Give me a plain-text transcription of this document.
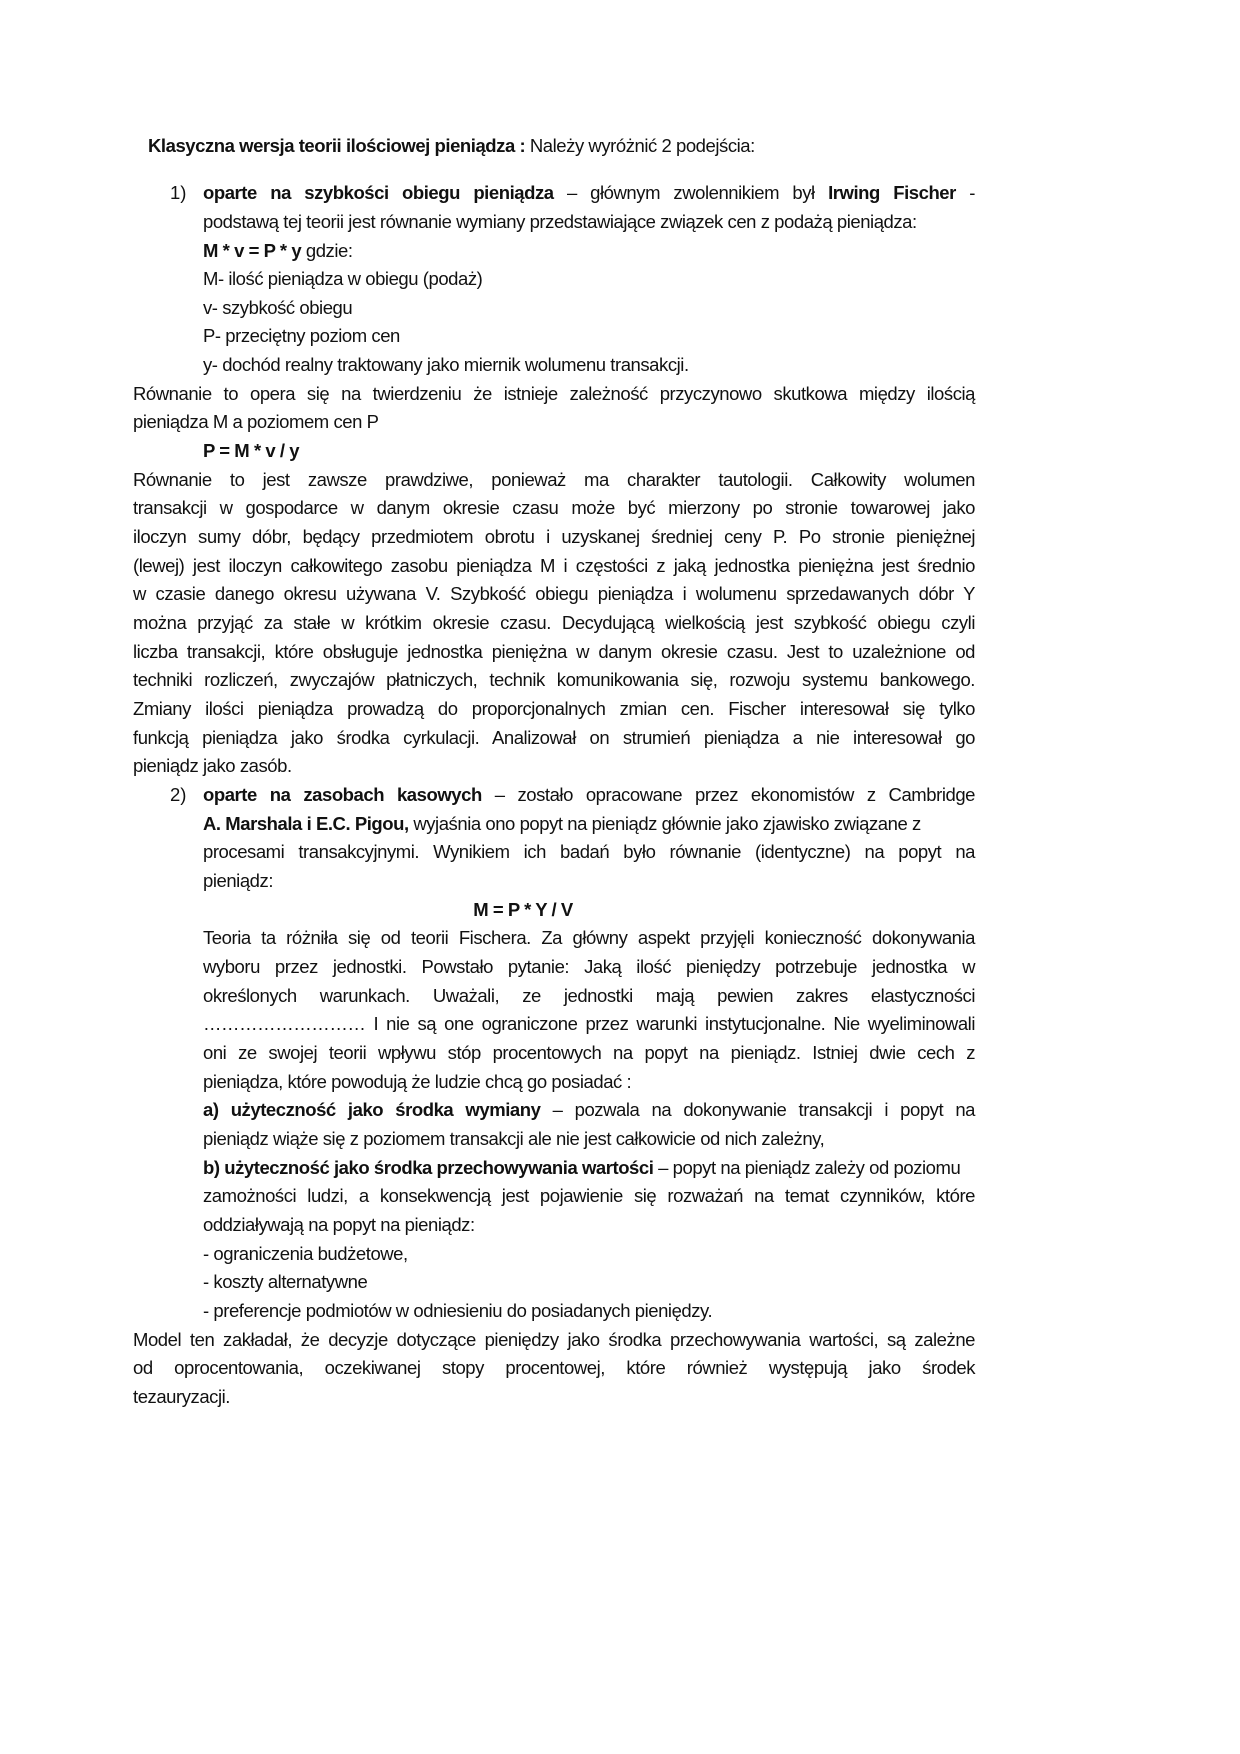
Klasyczna wersja teorii ilościowej pieniądza : Należy wyróżnić 2 podejścia:
1) oparte na szybkości obiegu pieniądza – głównym zwolennikiem był Irwing Fischer -
podstawą tej teorii jest równanie wymiany przedstawiające związek cen z podażą pieniądza:
M * v = P * y gdzie:
M- ilość pieniądza w obiegu (podaż)
v- szybkość obiegu
P- przeciętny poziom cen
y- dochód realny traktowany jako miernik wolumenu transakcji.
Równanie to opera się na twierdzeniu że istnieje zależność przyczynowo skutkowa między ilością
pieniądza M a poziomem cen P
P = M * v / y
Równanie to jest zawsze prawdziwe, ponieważ ma charakter tautologii. Całkowity wolumen
transakcji w gospodarce w danym okresie czasu może być mierzony po stronie towarowej jako
iloczyn sumy dóbr, będący przedmiotem obrotu i uzyskanej średniej ceny P. Po stronie pieniężnej
(lewej) jest iloczyn całkowitego zasobu pieniądza M i częstości z jaką jednostka pieniężna jest średnio
w czasie danego okresu używana V. Szybkość obiegu pieniądza i wolumenu sprzedawanych dóbr Y
można przyjąć za stałe w krótkim okresie czasu. Decydującą wielkością jest szybkość obiegu czyli
liczba transakcji, które obsługuje jednostka pieniężna w danym okresie czasu. Jest to uzależnione od
techniki rozliczeń, zwyczajów płatniczych, technik komunikowania się, rozwoju systemu bankowego.
Zmiany ilości pieniądza prowadzą do proporcjonalnych zmian cen. Fischer interesował się tylko
funkcją pieniądza jako środka cyrkulacji. Analizował on strumień pieniądza a nie interesował go
pieniądz jako zasób.
2) oparte na zasobach kasowych – zostało opracowane przez ekonomistów z Cambridge
A. Marshala i E.C. Pigou, wyjaśnia ono popyt na pieniądz głównie jako zjawisko związane z
procesami transakcyjnymi. Wynikiem ich badań było równanie (identyczne) na popyt na
pieniądz:
M = P * Y / V
Teoria ta różniła się od teorii Fischera. Za główny aspekt przyjęli konieczność dokonywania
wyboru przez jednostki. Powstało pytanie: Jaką ilość pieniędzy potrzebuje jednostka w
określonych warunkach. Uważali, ze jednostki mają pewien zakres elastyczności
……………………… I nie są one ograniczone przez warunki instytucjonalne. Nie wyeliminowali
oni ze swojej teorii wpływu stóp procentowych na popyt na pieniądz. Istniej dwie cech z
pieniądza, które powodują że ludzie chcą go posiadać :
a) użyteczność jako środka wymiany – pozwala na dokonywanie transakcji i popyt na
pieniądz wiąże się z poziomem transakcji ale nie jest całkowicie od nich zależny,
b) użyteczność jako środka przechowywania wartości – popyt na pieniądz zależy od poziomu
zamożności ludzi, a konsekwencją jest pojawienie się rozważań na temat czynników, które
oddziaływają na popyt na pieniądz:
- ograniczenia budżetowe,
- koszty alternatywne
- preferencje podmiotów w odniesieniu do posiadanych pieniędzy.
Model ten zakładał, że decyzje dotyczące pieniędzy jako środka przechowywania wartości, są zależne
od oprocentowania, oczekiwanej stopy procentowej, które również występują jako środek
tezauryzacji.
